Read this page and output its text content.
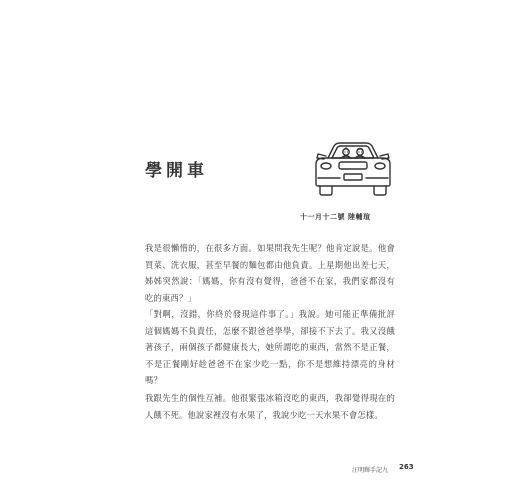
學開車
十一月十二號 陸輔瑄

我是很懶惰的，在很多方面。如果問我先生呢？他肯定說是。他會買菜、洗衣服，甚至早餐的麵包都由他負責。上星期他出差七天，姊姊突然說：「媽媽，你有沒有覺得，爸爸不在家，我們家都沒有吃的東西？」

「對啊，沒錯，你終於發現這件事了。」我說。她可能正準備批評這個媽媽不負責任，怎麼不跟爸爸學學，卻接不下去了。我又沒餓著孩子，兩個孩子都健康長大，她所謂吃的東西，當然不是正餐，不是正餐剛好趁爸爸不在家少吃一點，你不是想維持漂亮的身材嗎？

我跟先生的個性互補。他很緊張冰箱沒吃的東西，我卻覺得現在的人餓不死。他說家裡沒有水果了，我說少吃一天水果不會怎樣。

汪明輝手記九 263
